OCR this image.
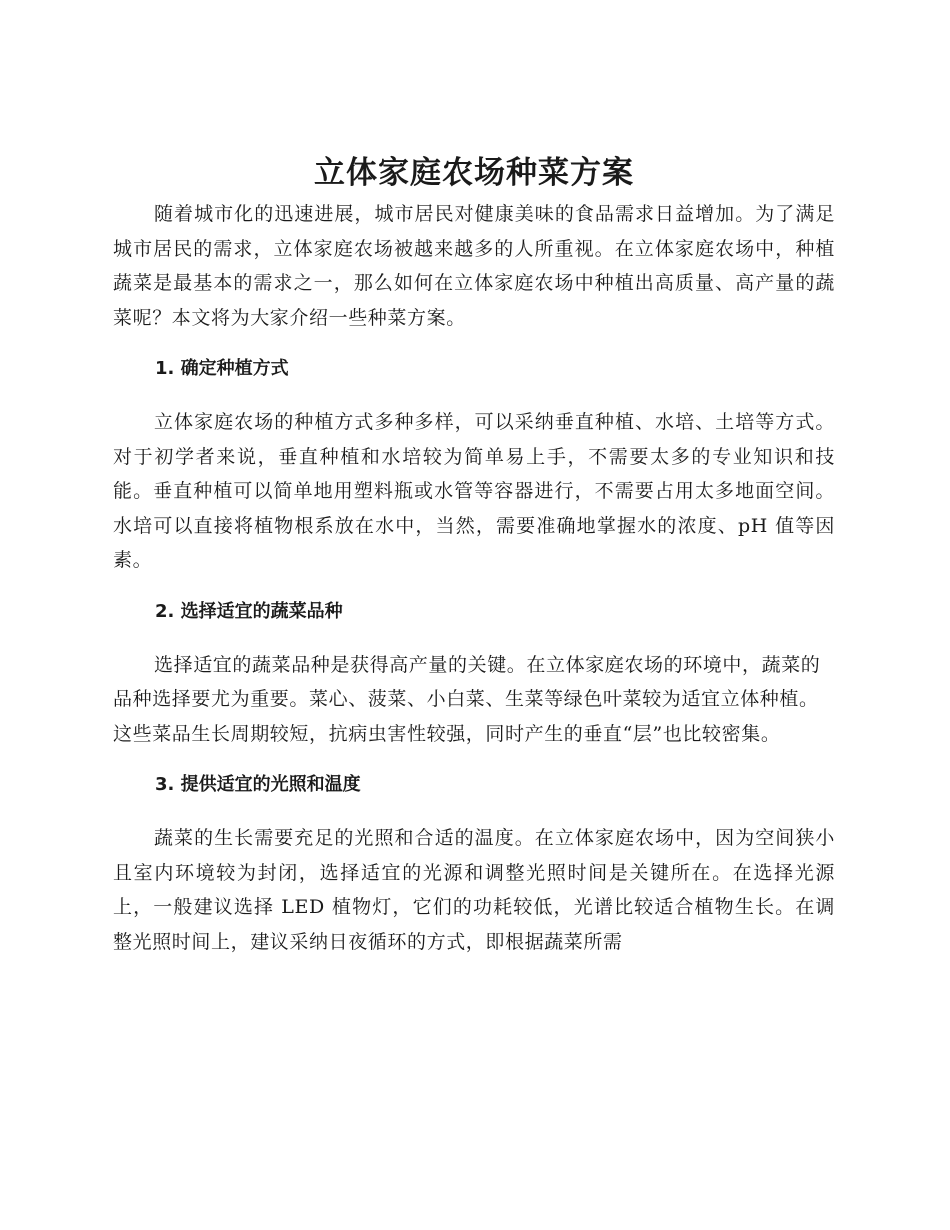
立体家庭农场种菜方案

随着城市化的迅速进展，城市居民对健康美味的食品需求日益增加。为了满足城市居民的需求，立体家庭农场被越来越多的人所重视。在立体家庭农场中，种植蔬菜是最基本的需求之一，那么如何在立体家庭农场中种植出高质量、高产量的蔬菜呢？本文将为大家介绍一些种菜方案。

1. 确定种植方式

立体家庭农场的种植方式多种多样，可以采纳垂直种植、水培、土培等方式。对于初学者来说，垂直种植和水培较为简单易上手，不需要太多的专业知识和技能。垂直种植可以简单地用塑料瓶或水管等容器进行，不需要占用太多地面空间。水培可以直接将植物根系放在水中，当然，需要准确地掌握水的浓度、pH 值等因素。

2. 选择适宜的蔬菜品种

选择适宜的蔬菜品种是获得高产量的关键。在立体家庭农场的环境中，蔬菜的品种选择要尤为重要。菜心、菠菜、小白菜、生菜等绿色叶菜较为适宜立体种植。这些菜品生长周期较短，抗病虫害性较强，同时产生的垂直“层”也比较密集。

3. 提供适宜的光照和温度

蔬菜的生长需要充足的光照和合适的温度。在立体家庭农场中，因为空间狭小且室内环境较为封闭，选择适宜的光源和调整光照时间是关键所在。在选择光源上，一般建议选择 LED 植物灯，它们的功耗较低，光谱比较适合植物生长。在调整光照时间上，建议采纳日夜循环的方式，即根据蔬菜所需
